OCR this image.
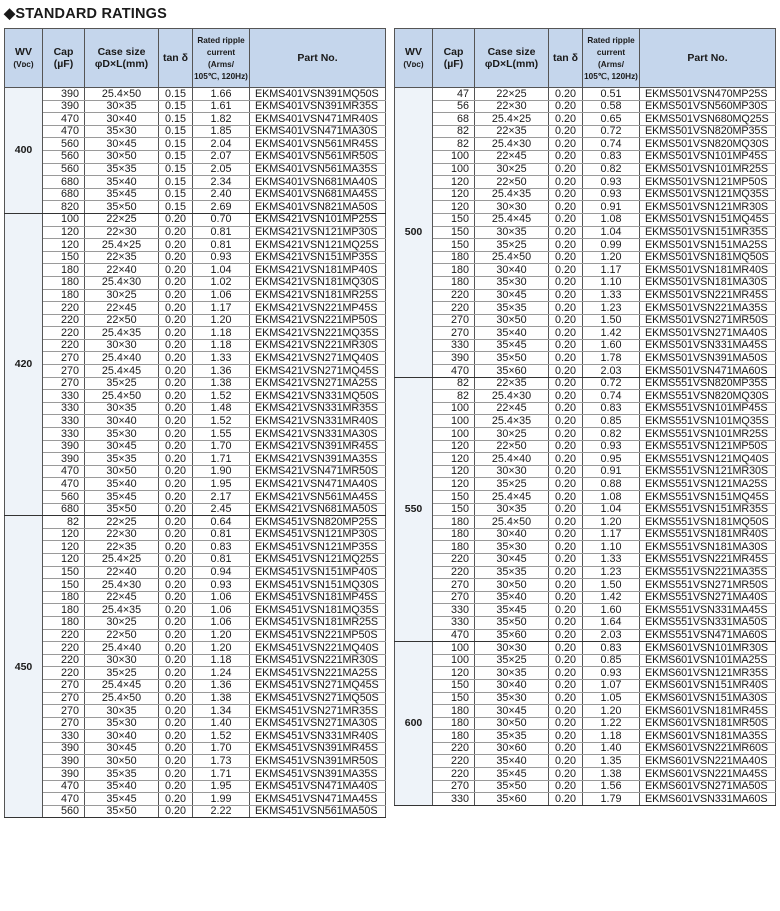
◆STANDARD RATINGS
WV
(Vᴅᴄ)	Cap
(µF)	Case size
φD×L(mm)	tan δ	Rated ripple
current
(Arms/
105℃, 120Hz)	Part No.
400	390	25.4×50	0.15	1.66	EKMS401VSN391MQ50S
	390	30×35	0.15	1.61	EKMS401VSN391MR35S
	470	30×40	0.15	1.82	EKMS401VSN471MR40S
	470	35×30	0.15	1.85	EKMS401VSN471MA30S
	560	30×45	0.15	2.04	EKMS401VSN561MR45S
	560	30×50	0.15	2.07	EKMS401VSN561MR50S
	560	35×35	0.15	2.05	EKMS401VSN561MA35S
	680	35×40	0.15	2.34	EKMS401VSN681MA40S
	680	35×45	0.15	2.40	EKMS401VSN681MA45S
	820	35×50	0.15	2.69	EKMS401VSN821MA50S
420	100	22×25	0.20	0.70	EKMS421VSN101MP25S
	120	22×30	0.20	0.81	EKMS421VSN121MP30S
	120	25.4×25	0.20	0.81	EKMS421VSN121MQ25S
	150	22×35	0.20	0.93	EKMS421VSN151MP35S
	180	22×40	0.20	1.04	EKMS421VSN181MP40S
	180	25.4×30	0.20	1.02	EKMS421VSN181MQ30S
	180	30×25	0.20	1.06	EKMS421VSN181MR25S
	220	22×45	0.20	1.17	EKMS421VSN221MP45S
	220	22×50	0.20	1.20	EKMS421VSN221MP50S
	220	25.4×35	0.20	1.18	EKMS421VSN221MQ35S
	220	30×30	0.20	1.18	EKMS421VSN221MR30S
	270	25.4×40	0.20	1.33	EKMS421VSN271MQ40S
	270	25.4×45	0.20	1.36	EKMS421VSN271MQ45S
	270	35×25	0.20	1.38	EKMS421VSN271MA25S
	330	25.4×50	0.20	1.52	EKMS421VSN331MQ50S
	330	30×35	0.20	1.48	EKMS421VSN331MR35S
	330	30×40	0.20	1.52	EKMS421VSN331MR40S
	330	35×30	0.20	1.55	EKMS421VSN331MA30S
	390	30×45	0.20	1.70	EKMS421VSN391MR45S
	390	35×35	0.20	1.71	EKMS421VSN391MA35S
	470	30×50	0.20	1.90	EKMS421VSN471MR50S
	470	35×40	0.20	1.95	EKMS421VSN471MA40S
	560	35×45	0.20	2.17	EKMS421VSN561MA45S
	680	35×50	0.20	2.45	EKMS421VSN681MA50S
450	82	22×25	0.20	0.64	EKMS451VSN820MP25S
	120	22×30	0.20	0.81	EKMS451VSN121MP30S
	120	22×35	0.20	0.83	EKMS451VSN121MP35S
	120	25.4×25	0.20	0.81	EKMS451VSN121MQ25S
	150	22×40	0.20	0.94	EKMS451VSN151MP40S
	150	25.4×30	0.20	0.93	EKMS451VSN151MQ30S
	180	22×45	0.20	1.06	EKMS451VSN181MP45S
	180	25.4×35	0.20	1.06	EKMS451VSN181MQ35S
	180	30×25	0.20	1.06	EKMS451VSN181MR25S
	220	22×50	0.20	1.20	EKMS451VSN221MP50S
	220	25.4×40	0.20	1.20	EKMS451VSN221MQ40S
	220	30×30	0.20	1.18	EKMS451VSN221MR30S
	220	35×25	0.20	1.24	EKMS451VSN221MA25S
	270	25.4×45	0.20	1.36	EKMS451VSN271MQ45S
	270	25.4×50	0.20	1.38	EKMS451VSN271MQ50S
	270	30×35	0.20	1.34	EKMS451VSN271MR35S
	270	35×30	0.20	1.40	EKMS451VSN271MA30S
	330	30×40	0.20	1.52	EKMS451VSN331MR40S
	390	30×45	0.20	1.70	EKMS451VSN391MR45S
	390	30×50	0.20	1.73	EKMS451VSN391MR50S
	390	35×35	0.20	1.71	EKMS451VSN391MA35S
	470	35×40	0.20	1.95	EKMS451VSN471MA40S
	470	35×45	0.20	1.99	EKMS451VSN471MA45S
	560	35×50	0.20	2.22	EKMS451VSN561MA50S
WV
(Vᴅᴄ)	Cap
(µF)	Case size
φD×L(mm)	tan δ	Rated ripple
current
(Arms/
105℃, 120Hz)	Part No.
500	47	22×25	0.20	0.51	EKMS501VSN470MP25S
	56	22×30	0.20	0.58	EKMS501VSN560MP30S
	68	25.4×25	0.20	0.65	EKMS501VSN680MQ25S
	82	22×35	0.20	0.72	EKMS501VSN820MP35S
	82	25.4×30	0.20	0.74	EKMS501VSN820MQ30S
	100	22×45	0.20	0.83	EKMS501VSN101MP45S
	100	30×25	0.20	0.82	EKMS501VSN101MR25S
	120	22×50	0.20	0.93	EKMS501VSN121MP50S
	120	25.4×35	0.20	0.93	EKMS501VSN121MQ35S
	120	30×30	0.20	0.91	EKMS501VSN121MR30S
	150	25.4×45	0.20	1.08	EKMS501VSN151MQ45S
	150	30×35	0.20	1.04	EKMS501VSN151MR35S
	150	35×25	0.20	0.99	EKMS501VSN151MA25S
	180	25.4×50	0.20	1.20	EKMS501VSN181MQ50S
	180	30×40	0.20	1.17	EKMS501VSN181MR40S
	180	35×30	0.20	1.10	EKMS501VSN181MA30S
	220	30×45	0.20	1.33	EKMS501VSN221MR45S
	220	35×35	0.20	1.23	EKMS501VSN221MA35S
	270	30×50	0.20	1.50	EKMS501VSN271MR50S
	270	35×40	0.20	1.42	EKMS501VSN271MA40S
	330	35×45	0.20	1.60	EKMS501VSN331MA45S
	390	35×50	0.20	1.78	EKMS501VSN391MA50S
	470	35×60	0.20	2.03	EKMS501VSN471MA60S
550	82	22×35	0.20	0.72	EKMS551VSN820MP35S
	82	25.4×30	0.20	0.74	EKMS551VSN820MQ30S
	100	22×45	0.20	0.83	EKMS551VSN101MP45S
	100	25.4×35	0.20	0.85	EKMS551VSN101MQ35S
	100	30×25	0.20	0.82	EKMS551VSN101MR25S
	120	22×50	0.20	0.93	EKMS551VSN121MP50S
	120	25.4×40	0.20	0.95	EKMS551VSN121MQ40S
	120	30×30	0.20	0.91	EKMS551VSN121MR30S
	120	35×25	0.20	0.88	EKMS551VSN121MA25S
	150	25.4×45	0.20	1.08	EKMS551VSN151MQ45S
	150	30×35	0.20	1.04	EKMS551VSN151MR35S
	180	25.4×50	0.20	1.20	EKMS551VSN181MQ50S
	180	30×40	0.20	1.17	EKMS551VSN181MR40S
	180	35×30	0.20	1.10	EKMS551VSN181MA30S
	220	30×45	0.20	1.33	EKMS551VSN221MR45S
	220	35×35	0.20	1.23	EKMS551VSN221MA35S
	270	30×50	0.20	1.50	EKMS551VSN271MR50S
	270	35×40	0.20	1.42	EKMS551VSN271MA40S
	330	35×45	0.20	1.60	EKMS551VSN331MA45S
	330	35×50	0.20	1.64	EKMS551VSN331MA50S
	470	35×60	0.20	2.03	EKMS551VSN471MA60S
600	100	30×30	0.20	0.83	EKMS601VSN101MR30S
	100	35×25	0.20	0.85	EKMS601VSN101MA25S
	120	30×35	0.20	0.93	EKMS601VSN121MR35S
	150	30×40	0.20	1.07	EKMS601VSN151MR40S
	150	35×30	0.20	1.05	EKMS601VSN151MA30S
	180	30×45	0.20	1.20	EKMS601VSN181MR45S
	180	30×50	0.20	1.22	EKMS601VSN181MR50S
	180	35×35	0.20	1.18	EKMS601VSN181MA35S
	220	30×60	0.20	1.40	EKMS601VSN221MR60S
	220	35×40	0.20	1.35	EKMS601VSN221MA40S
	220	35×45	0.20	1.38	EKMS601VSN221MA45S
	270	35×50	0.20	1.56	EKMS601VSN271MA50S
	330	35×60	0.20	1.79	EKMS601VSN331MA60S
